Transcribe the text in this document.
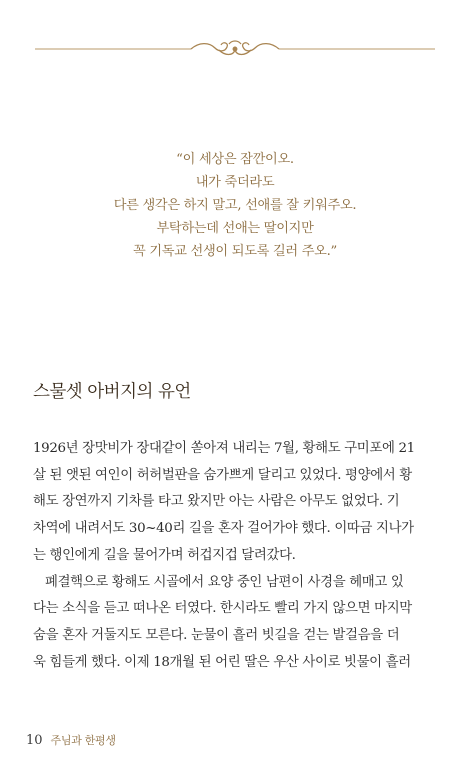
“이 세상은 잠깐이오.
내가 죽더라도
다른 생각은 하지 말고, 선애를 잘 키워주오.
부탁하는데 선애는 딸이지만
꼭 기독교 선생이 되도록 길러 주오.”
스물셋 아버지의 유언
1926년 장맛비가 장대같이 쏟아져 내리는 7월, 황해도 구미포에 21
살 된 앳된 여인이 허허벌판을 숨가쁘게 달리고 있었다. 평양에서 황
해도 장연까지 기차를 타고 왔지만 아는 사람은 아무도 없었다. 기
차역에 내려서도 30~40리 길을 혼자 걸어가야 했다. 이따금 지나가
는 행인에게 길을 물어가며 허겁지겁 달려갔다.
폐결핵으로 황해도 시골에서 요양 중인 남편이 사경을 헤매고 있
다는 소식을 듣고 떠나온 터였다. 한시라도 빨리 가지 않으면 마지막
숨을 혼자 거둘지도 모른다. 눈물이 흘러 빗길을 걷는 발걸음을 더
욱 힘들게 했다. 이제 18개월 된 어린 딸은 우산 사이로 빗물이 흘러
10 주님과 한평생
